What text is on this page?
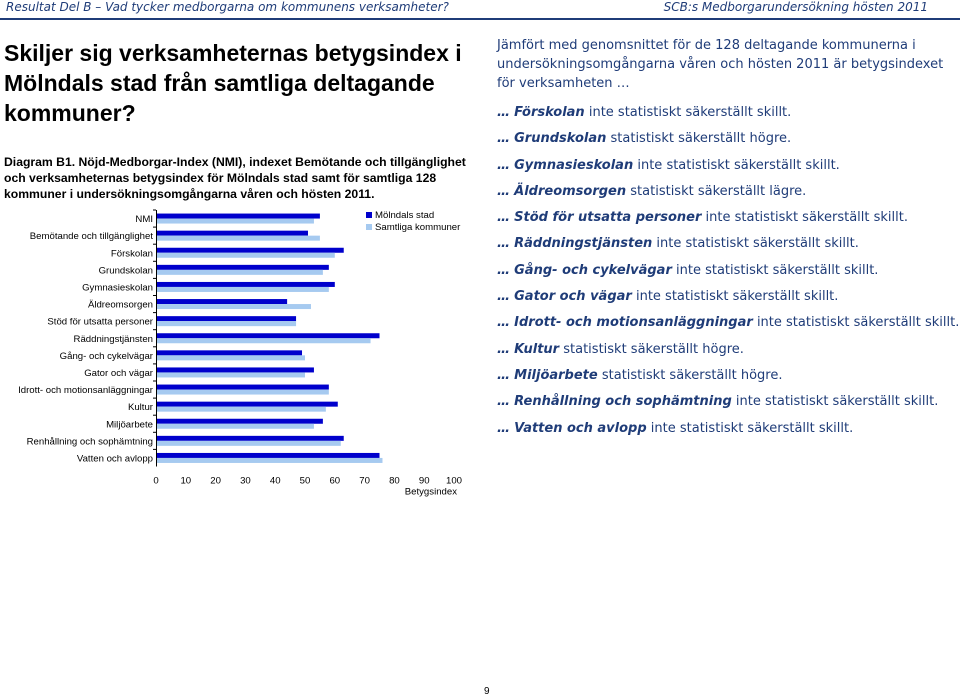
Resultat Del B – Vad tycker medborgarna om kommunens verksamheter?	SCB:s Medborgarundersökning hösten 2011
Skiljer sig verksamheternas betygsindex i Mölndals stad från samtliga deltagande kommuner?

Diagram B1. Nöjd-Medborgar-Index (NMI), indexet Bemötande och tillgänglighet och verksamheternas betygsindex för Mölndals stad samt för samtliga 128 kommuner i undersökningsomgångarna våren och hösten 2011.

NMI
Bemötande och tillgänglighet
Förskolan
Grundskolan
Gymnasieskolan
Äldreomsorgen
Stöd för utsatta personer
Räddningstjänsten
Gång- och cykelvägar
Gator och vägar
Idrott- och motionsanläggningar
Kultur
Miljöarbete
Renhållning och sophämtning
Vatten och avlopp
0 10 20 30 40 50 60 70 80 90 100
Betygsindex
Mölndals stad
Samtliga kommuner

Jämfört med genomsnittet för de 128 deltagande kommunerna i undersökningsomgångarna våren och hösten 2011 är betygsindexet för verksamheten …

… Förskolan inte statistiskt säkerställt skillt.
… Grundskolan statistiskt säkerställt högre.
… Gymnasieskolan inte statistiskt säkerställt skillt.
… Äldreomsorgen statistiskt säkerställt lägre.
… Stöd för utsatta personer inte statistiskt säkerställt skillt.
… Räddningstjänsten inte statistiskt säkerställt skillt.
… Gång- och cykelvägar inte statistiskt säkerställt skillt.
… Gator och vägar inte statistiskt säkerställt skillt.
… Idrott- och motionsanläggningar inte statistiskt säkerställt skillt.
… Kultur statistiskt säkerställt högre.
… Miljöarbete statistiskt säkerställt högre.
… Renhållning och sophämtning inte statistiskt säkerställt skillt.
… Vatten och avlopp inte statistiskt säkerställt skillt.
9
